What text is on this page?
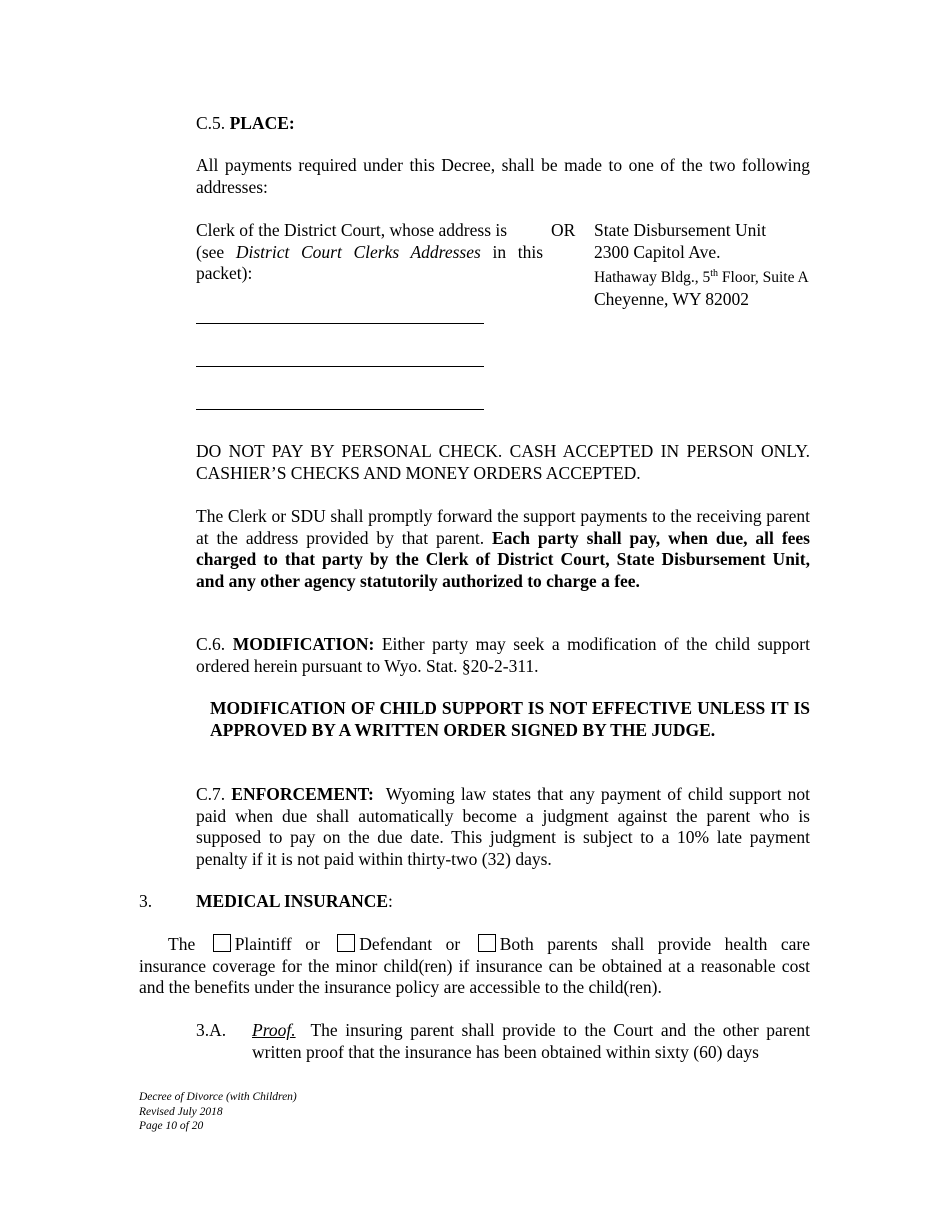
C.5. PLACE:
All payments required under this Decree, shall be made to one of the two following addresses:
Clerk of the District Court, whose address is
(see District Court Clerks Addresses in this
packet):
OR State Disbursement Unit
2300 Capitol Ave.
Hathaway Bldg., 5th Floor, Suite A
Cheyenne, WY 82002
DO NOT PAY BY PERSONAL CHECK. CASH ACCEPTED IN PERSON ONLY. CASHIER’S CHECKS AND MONEY ORDERS ACCEPTED.
The Clerk or SDU shall promptly forward the support payments to the receiving parent at the address provided by that parent. Each party shall pay, when due, all fees charged to that party by the Clerk of District Court, State Disbursement Unit, and any other agency statutorily authorized to charge a fee.
C.6. MODIFICATION: Either party may seek a modification of the child support ordered herein pursuant to Wyo. Stat. §20-2-311.
MODIFICATION OF CHILD SUPPORT IS NOT EFFECTIVE UNLESS IT IS APPROVED BY A WRITTEN ORDER SIGNED BY THE JUDGE.
C.7. ENFORCEMENT: Wyoming law states that any payment of child support not paid when due shall automatically become a judgment against the parent who is supposed to pay on the due date. This judgment is subject to a 10% late payment penalty if it is not paid within thirty-two (32) days.
3.	MEDICAL INSURANCE:
The Plaintiff or Defendant or Both parents shall provide health care
insurance coverage for the minor child(ren) if insurance can be obtained at a reasonable cost and the benefits under the insurance policy are accessible to the child(ren).
3.A. Proof. The insuring parent shall provide to the Court and the other parent written proof that the insurance has been obtained within sixty (60) days
Decree of Divorce (with Children)
Revised July 2018
Page 10 of 20
